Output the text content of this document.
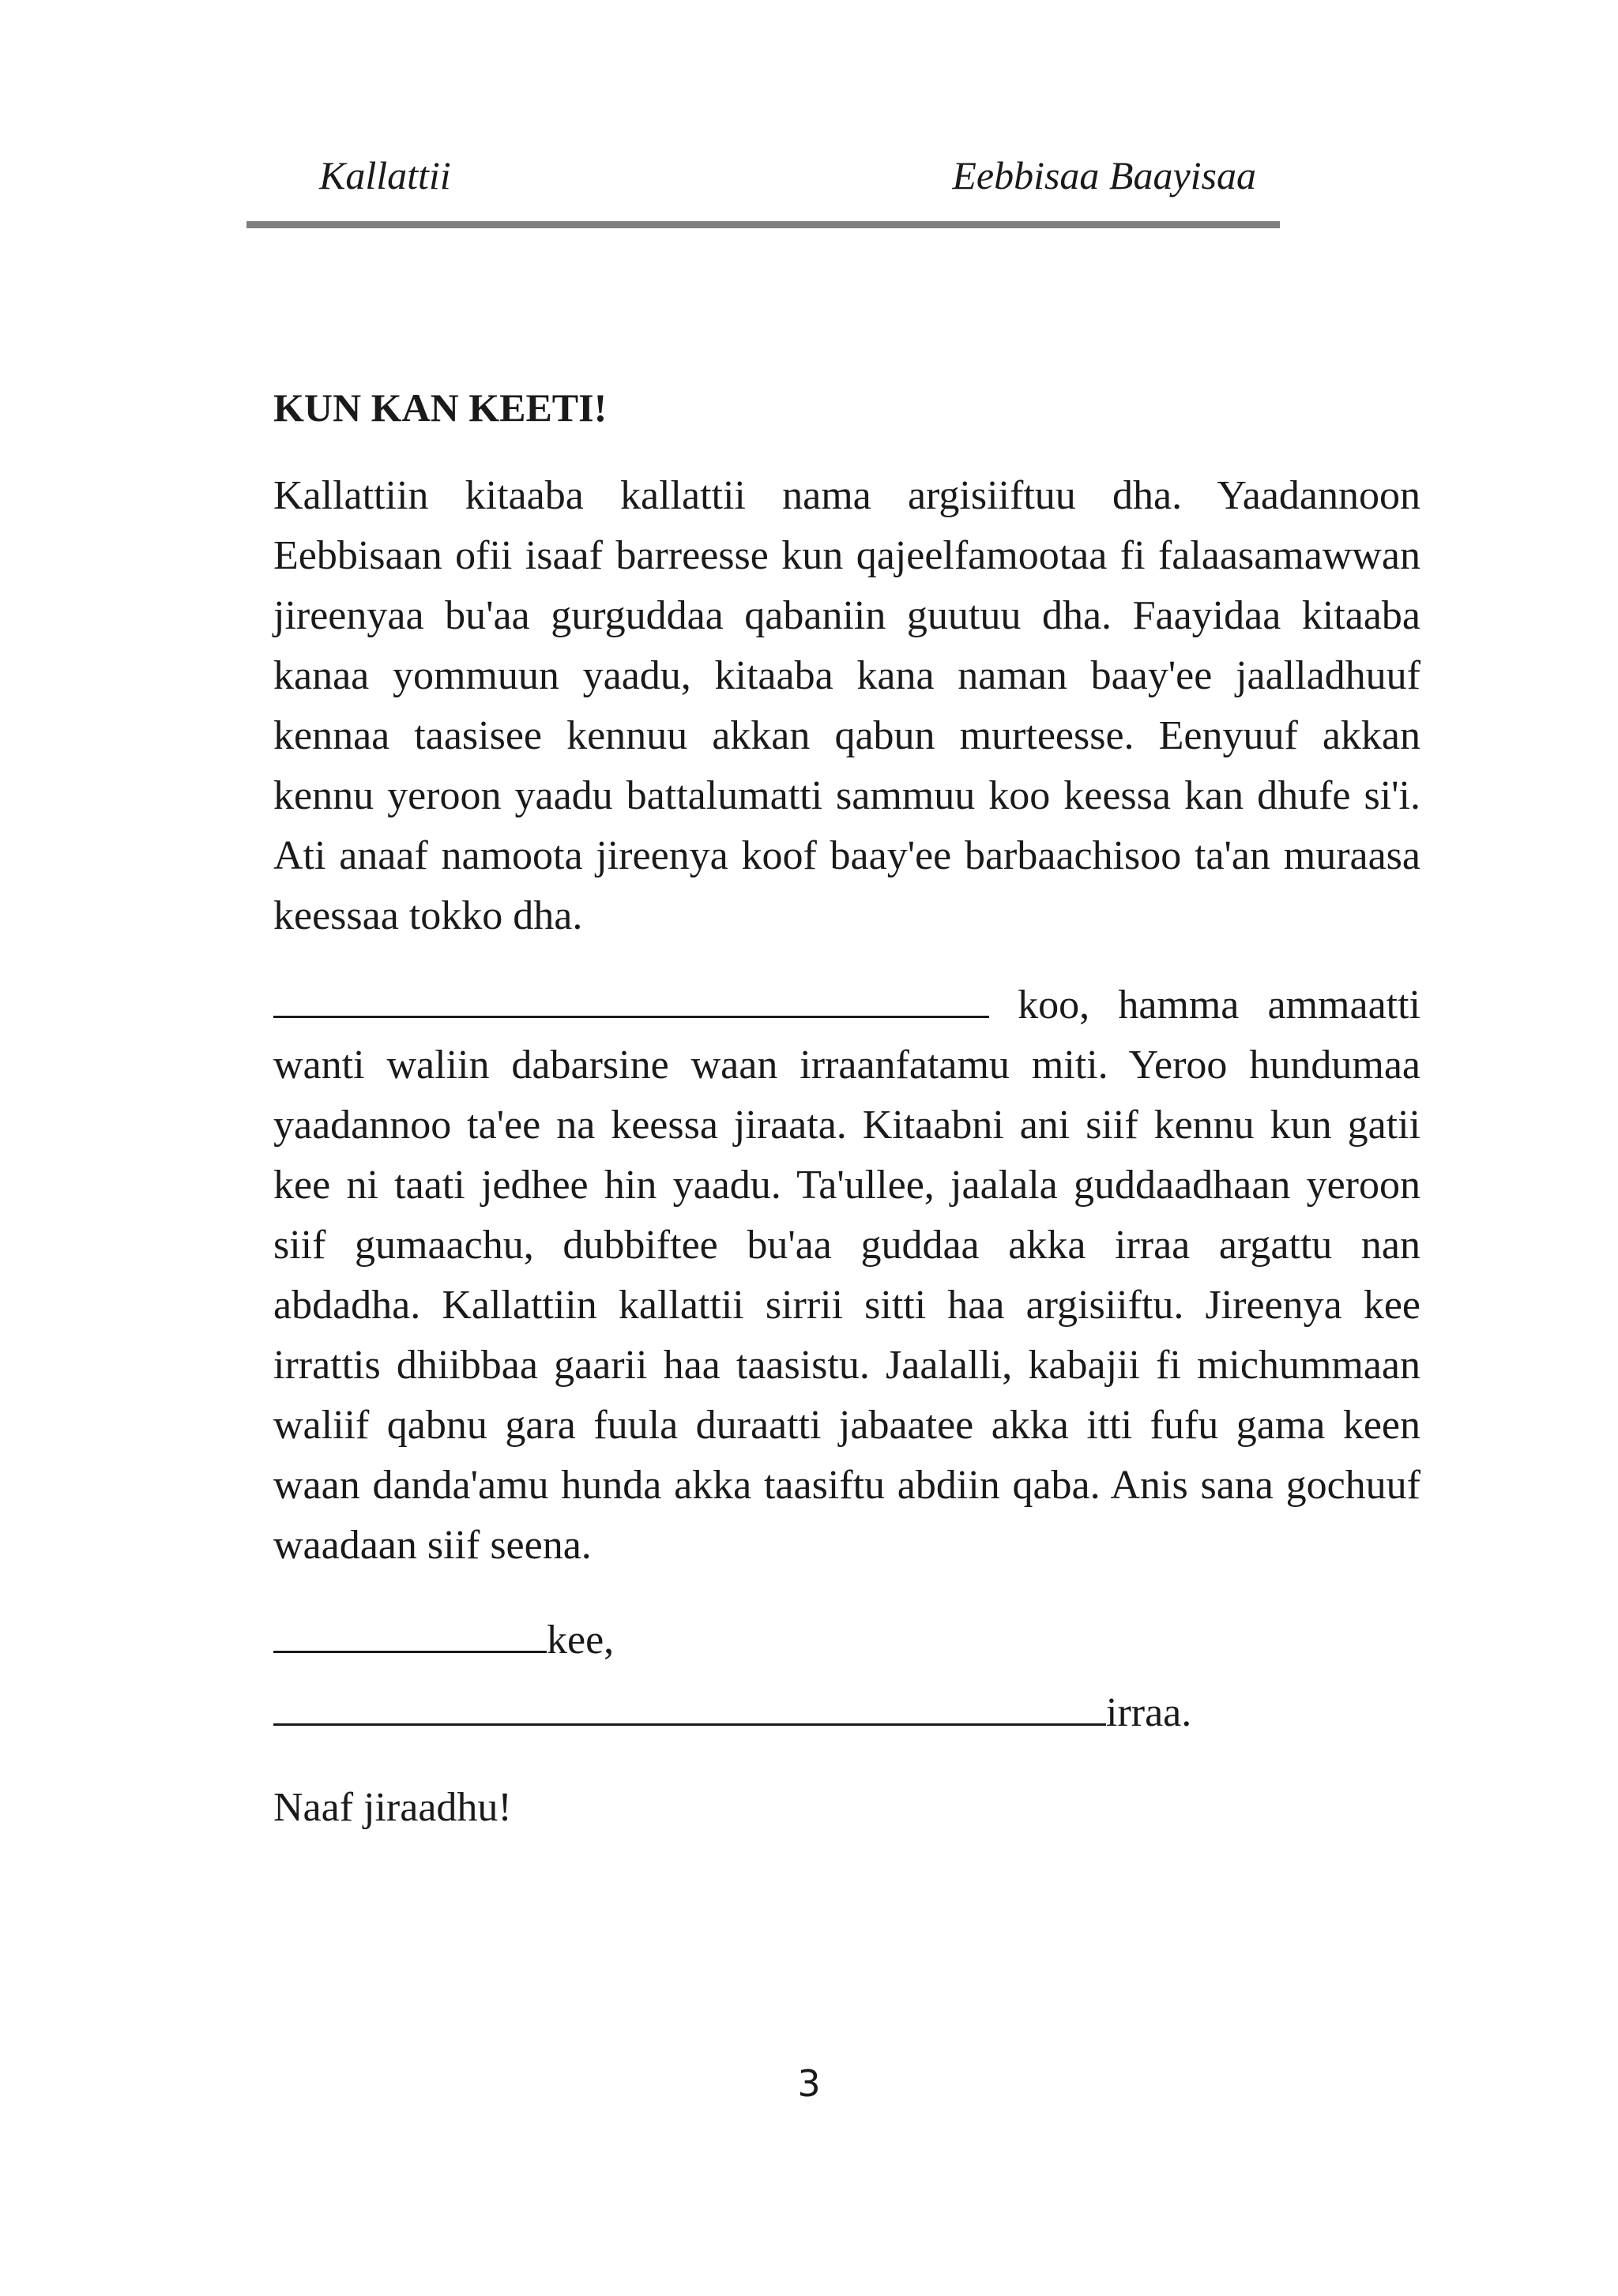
Kallattii	Eebbisaa Baayisaa
KUN KAN KEETI!

Kallattiin kitaaba kallattii nama argisiiftuu dha. Yaadannoon Eebbisaan ofii isaaf barreesse kun qajeelfamootaa fi falaasamawwan jireenyaa bu'aa gurguddaa qabaniin guutuu dha. Faayidaa kitaaba kanaa yommuun yaadu, kitaaba kana naman baay'ee jaalladhuuf kennaa taasisee kennuu akkan qabun murteesse. Eenyuuf akkan kennu yeroon yaadu battalumatti sammuu koo keessa kan dhufe si'i. Ati anaaf namoota jireenya koof baay'ee barbaachisoo ta'an muraasa keessaa tokko dha.

koo, hamma ammaatti wanti waliin dabarsine waan irraanfatamu miti. Yeroo hundumaa yaadannoo ta'ee na keessa jiraata. Kitaabni ani siif kennu kun gatii kee ni taati jedhee hin yaadu. Ta'ullee, jaalala guddaadhaan yeroon siif gumaachu, dubbiftee bu'aa guddaa akka irraa argattu nan abdadha. Kallattiin kallattii sirrii sitti haa argisiiftu. Jireenya kee irrattis dhiibbaa gaarii haa taasistu. Jaalalli, kabajii fi michummaan waliif qabnu gara fuula duraatti jabaatee akka itti fufu gama keen waan danda'amu hunda akka taasiftu abdiin qaba. Anis sana gochuuf waadaan siif seena.

kee,
irraa.

Naaf jiraadhu!

3
